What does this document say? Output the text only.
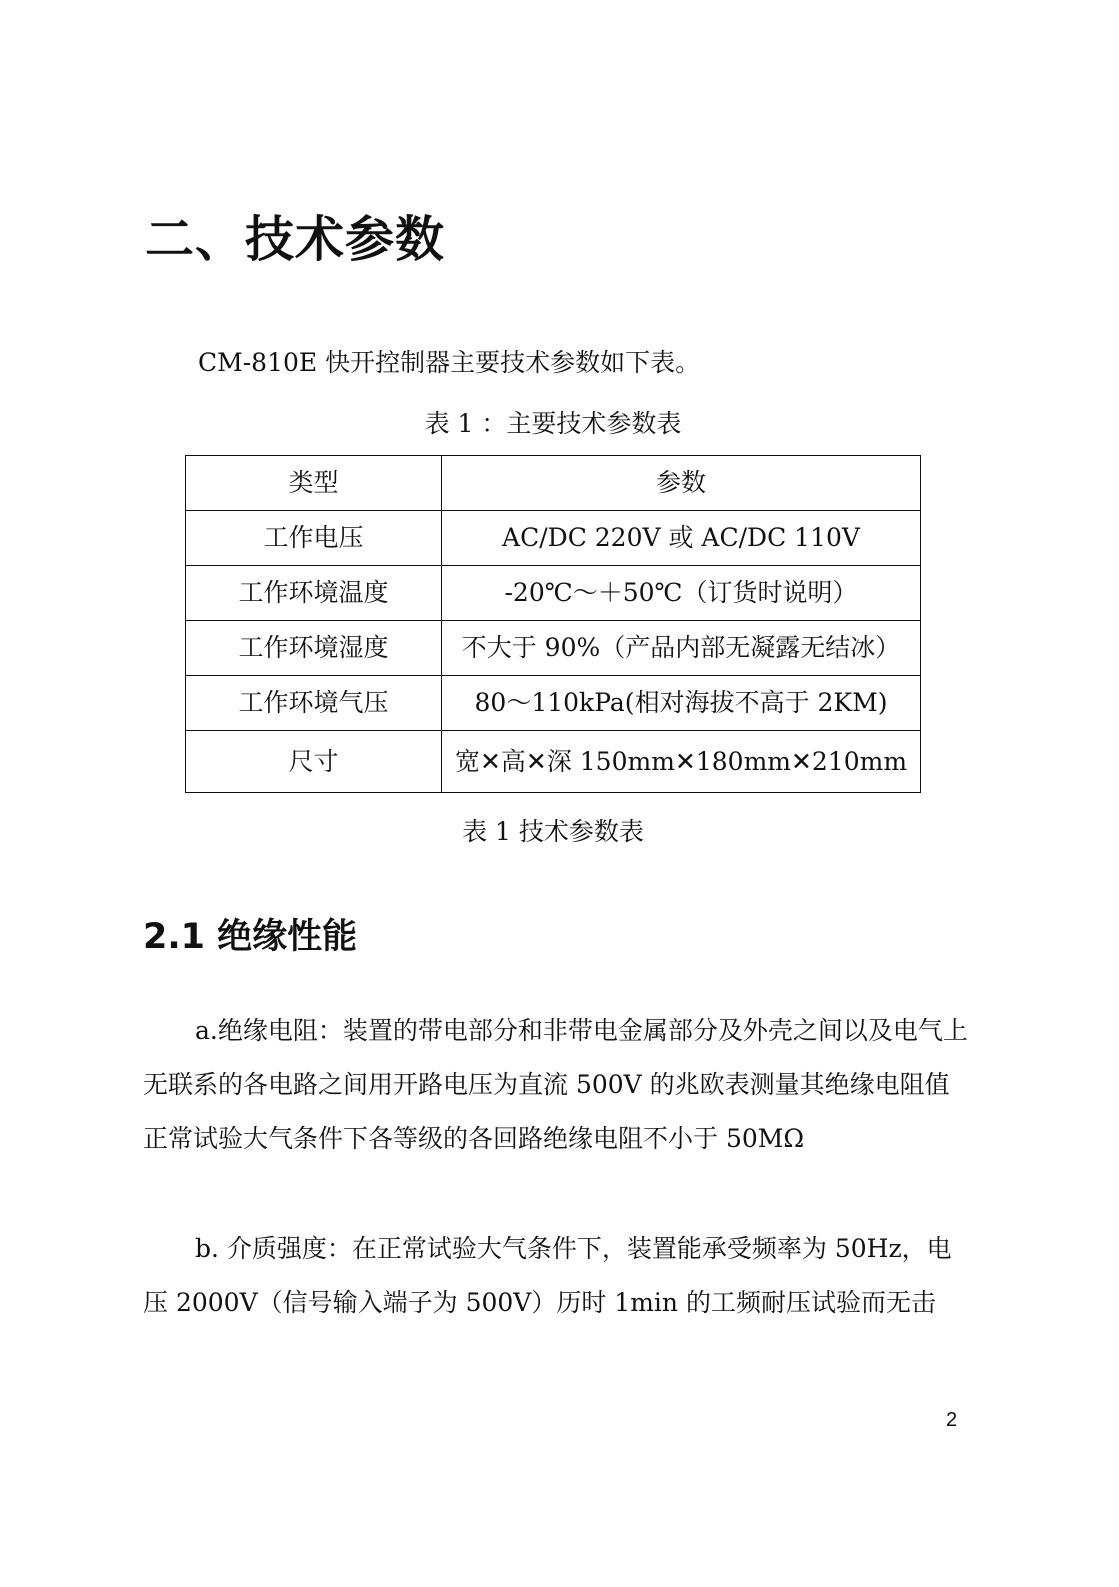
二、技术参数
CM-810E 快开控制器主要技术参数如下表。
表 1 ：主要技术参数表
类型	参数
工作电压	AC/DC 220V 或 AC/DC 110V
工作环境温度	-20℃～＋50℃（订货时说明）
工作环境湿度	不大于 90%（产品内部无凝露无结冰）
工作环境气压	80～110kPa(相对海拔不高于 2KM)
尺寸	宽✕高✕深 150mm✕180mm✕210mm
表 1 技术参数表
2.1 绝缘性能

a.绝缘电阻：装置的带电部分和非带电金属部分及外壳之间以及电气上无联系的各电路之间用开路电压为直流 500V 的兆欧表测量其绝缘电阻值正常试验大气条件下各等级的各回路绝缘电阻不小于 50MΩ

b. 介质强度：在正常试验大气条件下，装置能承受频率为 50Hz，电压 2000V（信号输入端子为 500V）历时 1min 的工频耐压试验而无击

2
